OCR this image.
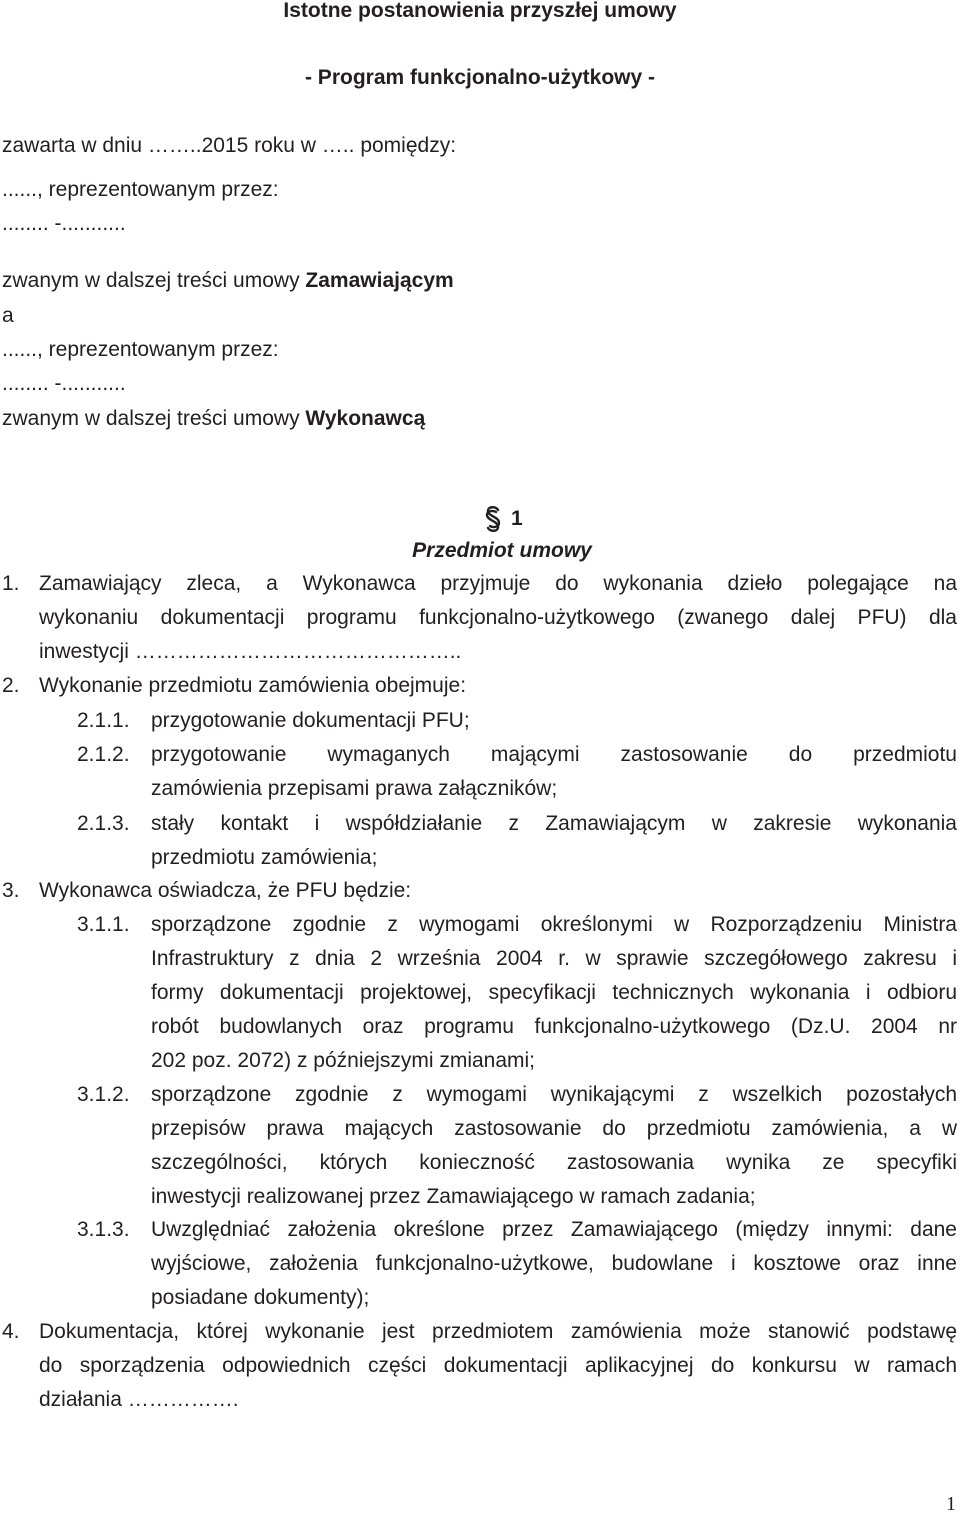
Istotne postanowienia przyszłej umowy
- Program funkcjonalno-użytkowy -
zawarta w dniu ……..2015 roku w ….. pomiędzy:
......, reprezentowanym przez:
........ -...........
zwanym w dalszej treści umowy Zamawiającym
a
......, reprezentowanym przez:
........ -...........
zwanym w dalszej treści umowy Wykonawcą
1
Przedmiot umowy
1. Zamawiający zleca, a Wykonawca przyjmuje do wykonania dzieło polegające na
wykonaniu dokumentacji programu funkcjonalno-użytkowego (zwanego dalej PFU) dla
inwestycji ………………………………………..
2. Wykonanie przedmiotu zamówienia obejmuje:
2.1.1. przygotowanie dokumentacji PFU;
2.1.2. przygotowanie wymaganych mającymi zastosowanie do przedmiotu
zamówienia przepisami prawa załączników;
2.1.3. stały kontakt i współdziałanie z Zamawiającym w zakresie wykonania
przedmiotu zamówienia;
3. Wykonawca oświadcza, że PFU będzie:
3.1.1. sporządzone zgodnie z wymogami określonymi w Rozporządzeniu Ministra
Infrastruktury z dnia 2 września 2004 r. w sprawie szczegółowego zakresu i
formy dokumentacji projektowej, specyfikacji technicznych wykonania i odbioru
robót budowlanych oraz programu funkcjonalno-użytkowego (Dz.U. 2004 nr
202 poz. 2072) z późniejszymi zmianami;
3.1.2. sporządzone zgodnie z wymogami wynikającymi z wszelkich pozostałych
przepisów prawa mających zastosowanie do przedmiotu zamówienia, a w
szczególności, których konieczność zastosowania wynika ze specyfiki
inwestycji realizowanej przez Zamawiającego w ramach zadania;
3.1.3. Uwzględniać założenia określone przez Zamawiającego (między innymi: dane
wyjściowe, założenia funkcjonalno-użytkowe, budowlane i kosztowe oraz inne
posiadane dokumenty);
4. Dokumentacja, której wykonanie jest przedmiotem zamówienia może stanowić podstawę
do sporządzenia odpowiednich części dokumentacji aplikacyjnej do konkursu w ramach
działania …………….
1
